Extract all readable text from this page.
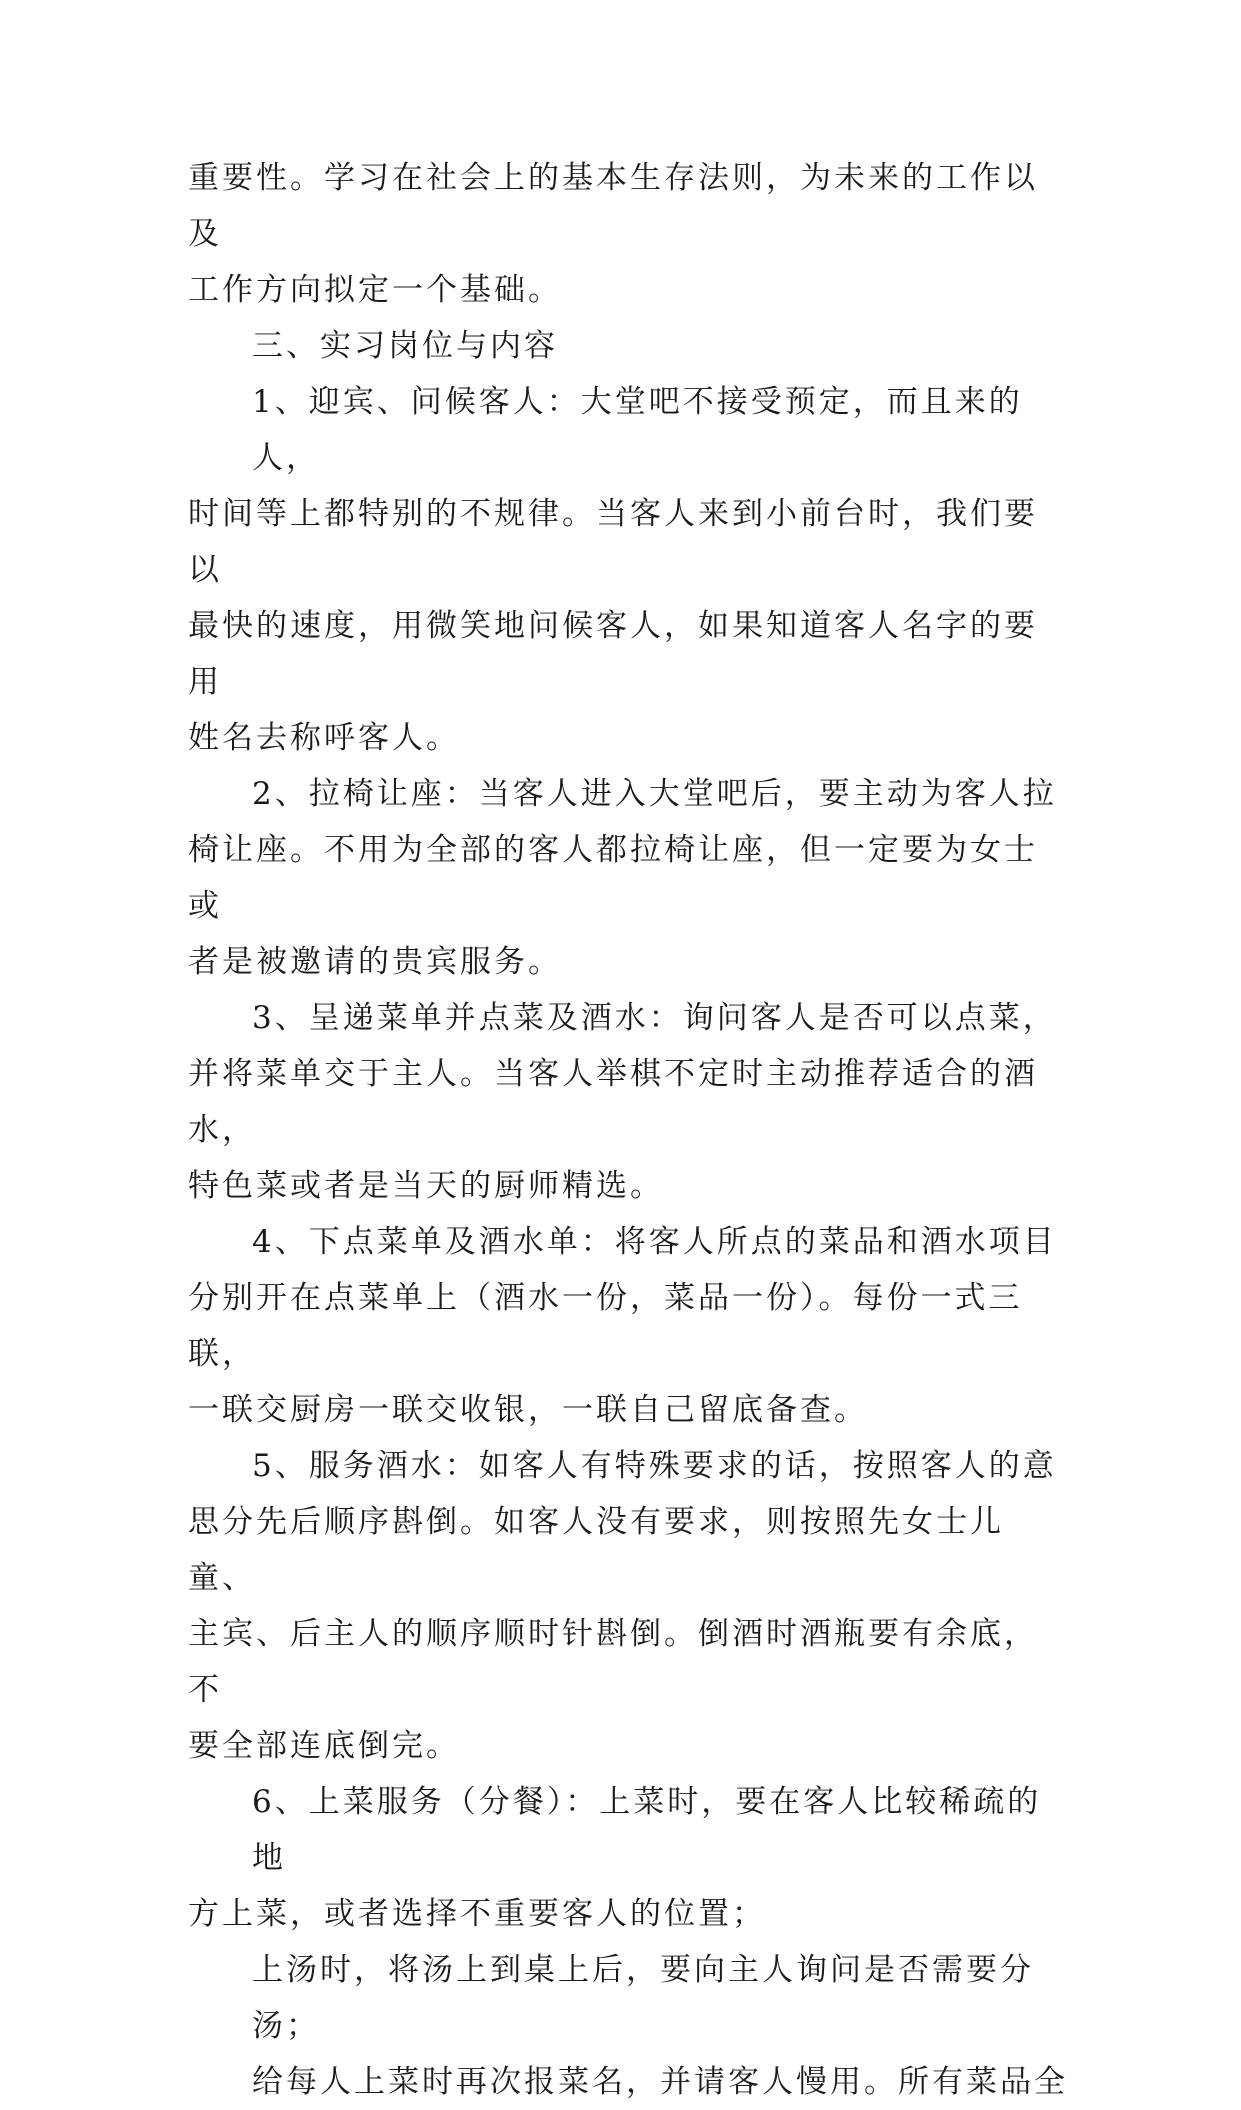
重要性。学习在社会上的基本生存法则，为未来的工作以及

工作方向拟定一个基础。

三、实习岗位与内容

1、迎宾、问候客人：大堂吧不接受预定，而且来的人，

时间等上都特别的不规律。当客人来到小前台时，我们要以

最快的速度，用微笑地问候客人，如果知道客人名字的要用

姓名去称呼客人。

2、拉椅让座：当客人进入大堂吧后，要主动为客人拉

椅让座。不用为全部的客人都拉椅让座，但一定要为女士或

者是被邀请的贵宾服务。

3、呈递菜单并点菜及酒水：询问客人是否可以点菜，

并将菜单交于主人。当客人举棋不定时主动推荐适合的酒水，

特色菜或者是当天的厨师精选。

4、下点菜单及酒水单：将客人所点的菜品和酒水项目

分别开在点菜单上（酒水一份，菜品一份）。每份一式三联，

一联交厨房一联交收银，一联自己留底备查。

5、服务酒水：如客人有特殊要求的话，按照客人的意

思分先后顺序斟倒。如客人没有要求，则按照先女士儿童、

主宾、后主人的顺序顺时针斟倒。倒酒时酒瓶要有余底，不

要全部连底倒完。

6、上菜服务（分餐）：上菜时，要在客人比较稀疏的地

方上菜，或者选择不重要客人的位置；

上汤时，将汤上到桌上后，要向主人询问是否需要分汤；

给每人上菜时再次报菜名，并请客人慢用。所有菜品全
